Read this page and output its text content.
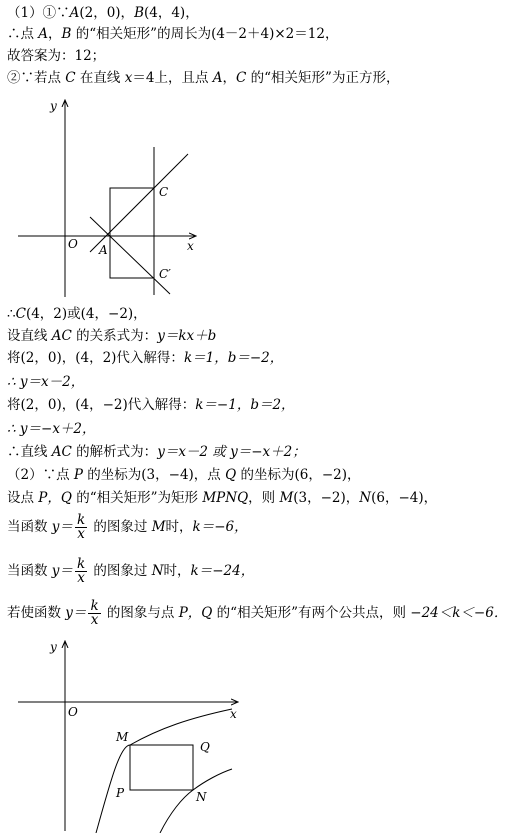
（1）①∵A(2，0)，B(4，4)，
∴点 A，B 的“相关矩形”的周长为(4－2＋4)×2＝12，
故答案为：12；
②∵若点 C 在直线 x＝4上，且点 A，C 的“相关矩形”为正方形，
y
x
O A
C
C′
∴C(4，2)或(4，−2)，
设直线 AC 的关系式为：y＝kx＋b
将(2，0)，(4，2)代入解得：k＝1，b＝−2，
∴ y＝x－2，
将(2，0)，(4，−2)代入解得：k＝−1，b＝2，
∴ y＝−x＋2，
∴直线 AC 的解析式为：y＝x－2 或 y＝−x＋2；
（2）∵点 P 的坐标为(3，−4)，点 Q 的坐标为(6，−2)，
设点 P，Q 的“相关矩形”为矩形 MPNQ，则 M(3，−2)，N(6，−4)，
当函数 $y= \frac{k}{x}$ 的图象过 M时，k＝−6，
当函数 $y= \frac{k}{x}$ 的图象过 N时，k＝−24，
若使函数 $y= \frac{k}{x}$ 的图象与点 P，Q 的“相关矩形”有两个公共点，则 −24＜k＜−6．
y
x
O
M
Q
P	N
